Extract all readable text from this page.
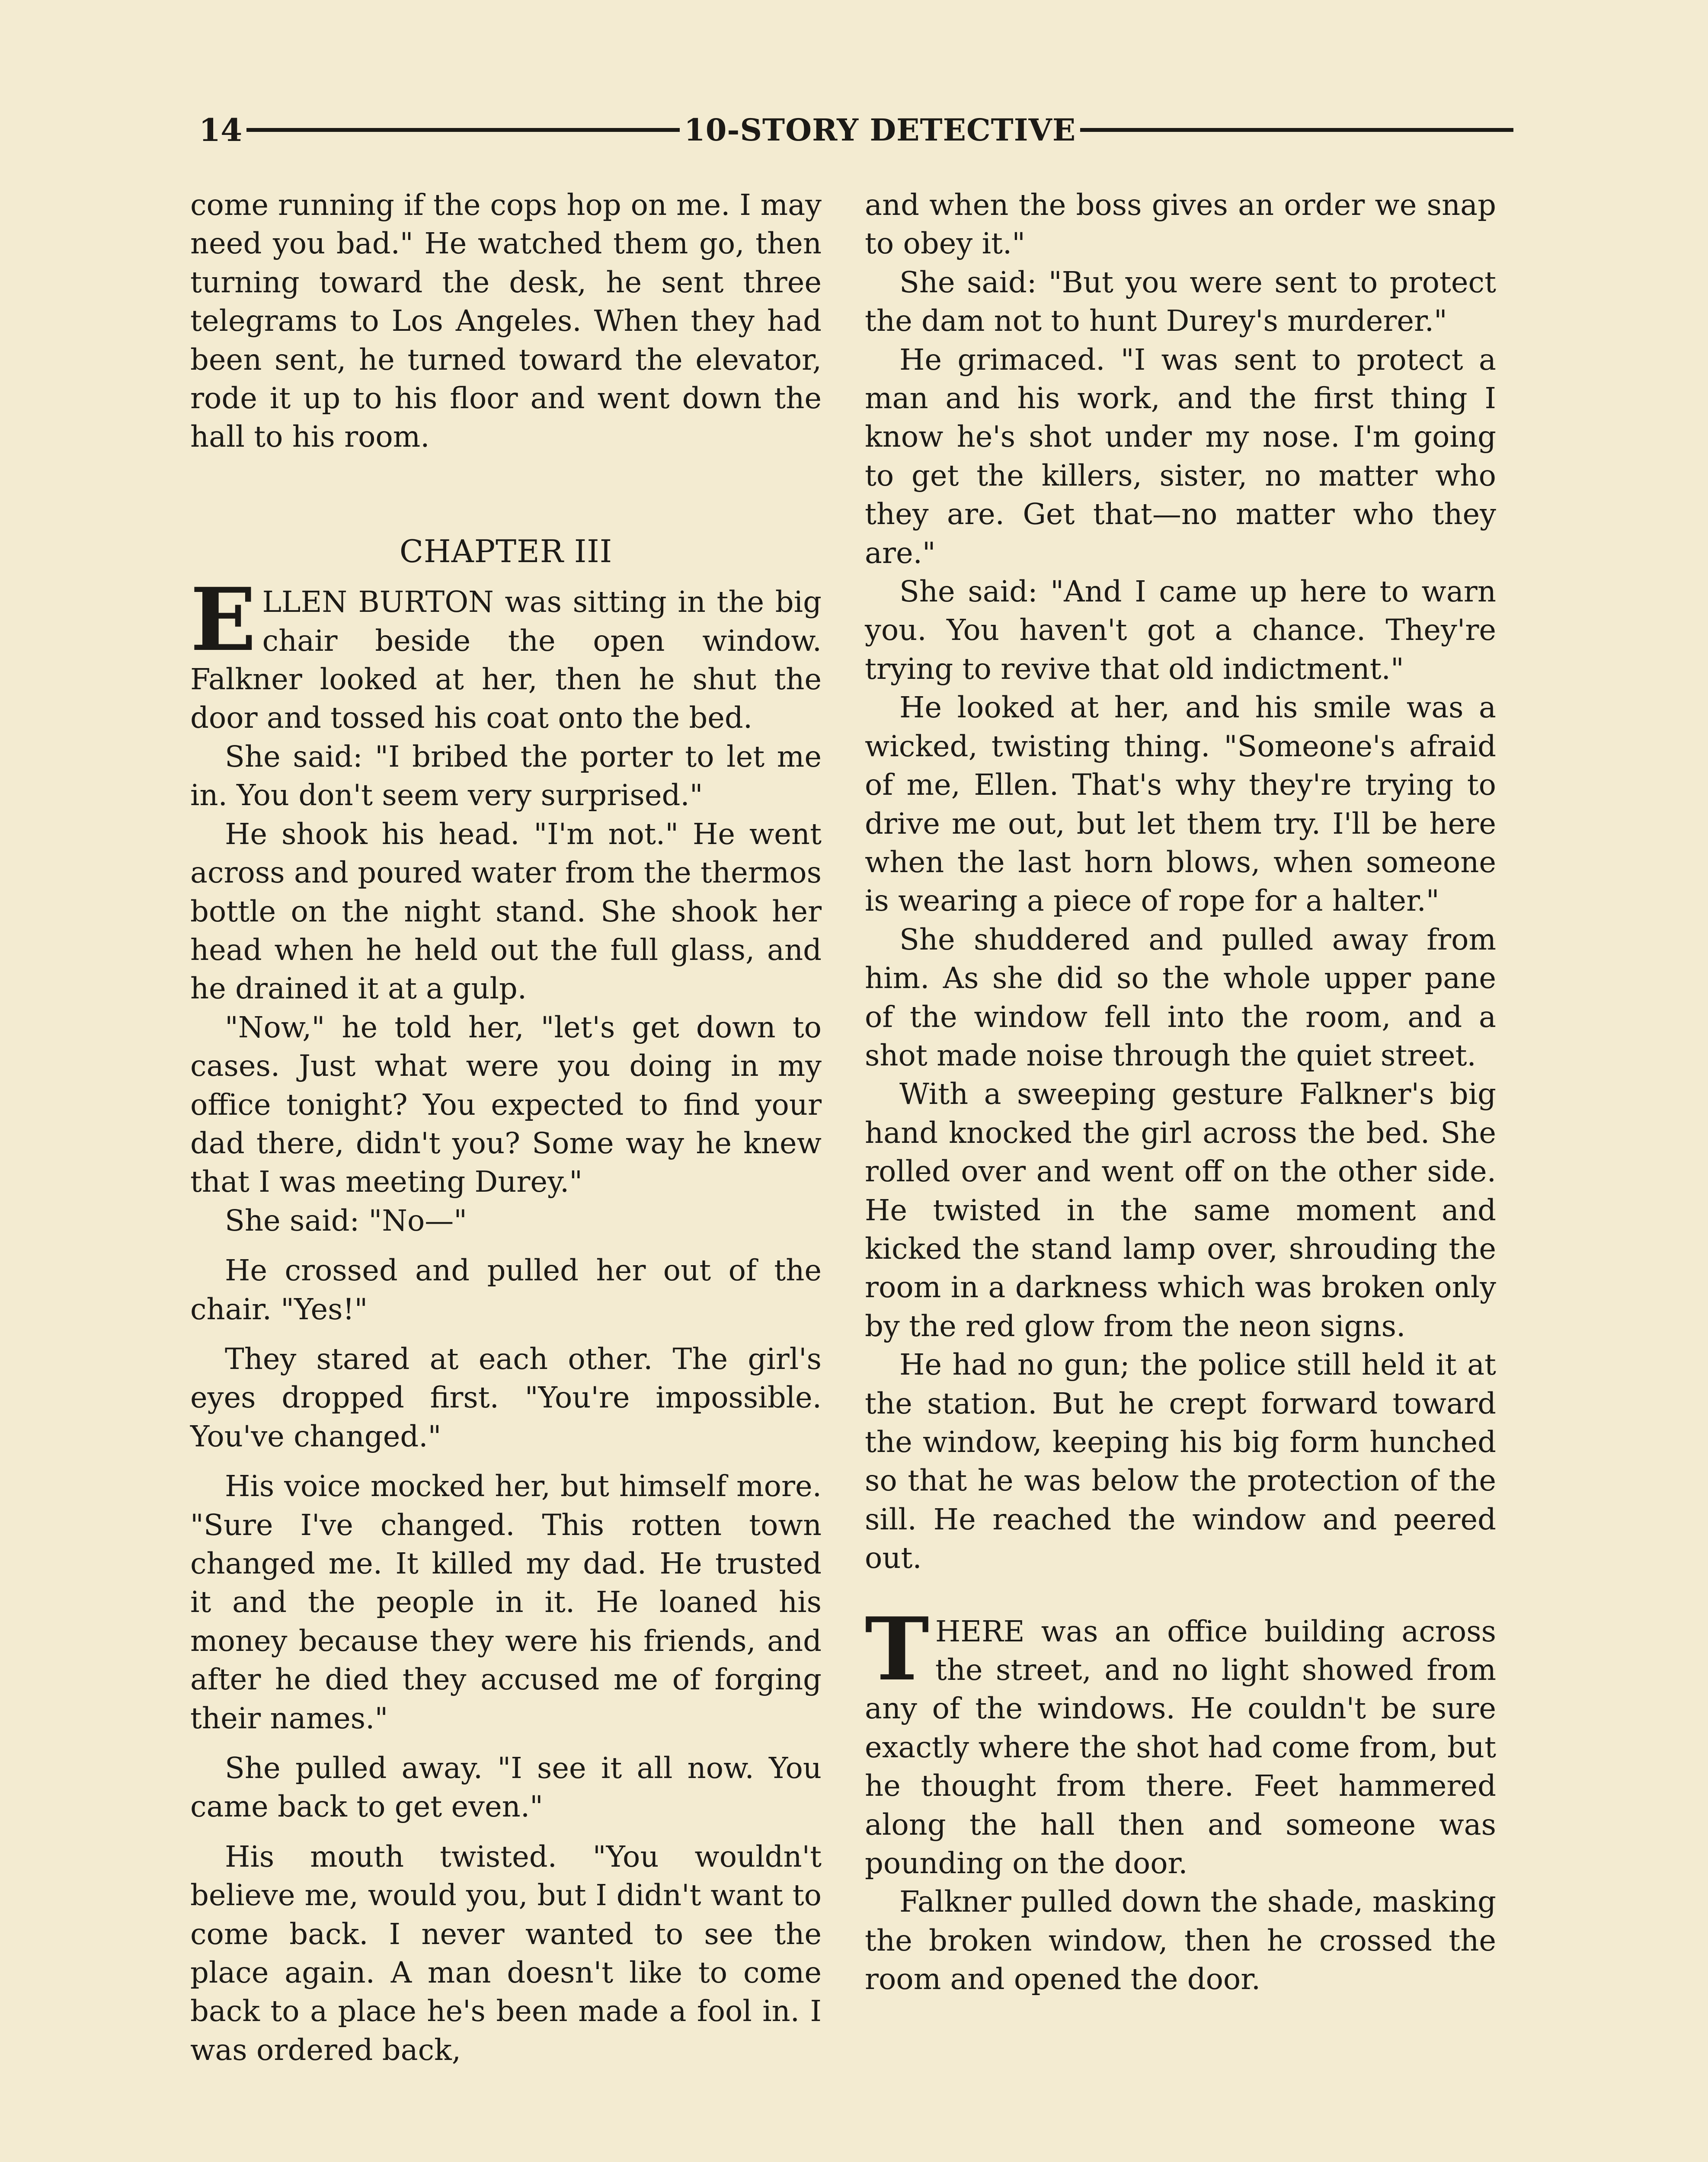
14	10-STORY DETECTIVE

come running if the cops hop on me. I may need you bad." He watched them go, then turning toward the desk, he sent three telegrams to Los Angeles. When they had been sent, he turned toward the elevator, rode it up to his floor and went down the hall to his room.

CHAPTER III

ELLEN BURTON was sitting in the big chair beside the open window. Falkner looked at her, then he shut the door and tossed his coat onto the bed.

She said: "I bribed the porter to let me in. You don't seem very surprised."

He shook his head. "I'm not." He went across and poured water from the thermos bottle on the night stand. She shook her head when he held out the full glass, and he drained it at a gulp.

"Now," he told her, "let's get down to cases. Just what were you doing in my office tonight? You expected to find your dad there, didn't you? Some way he knew that I was meeting Durey."

She said: "No—"

He crossed and pulled her out of the chair. "Yes!"

They stared at each other. The girl's eyes dropped first. "You're impossible. You've changed."

His voice mocked her, but himself more. "Sure I've changed. This rotten town changed me. It killed my dad. He trusted it and the people in it. He loaned his money because they were his friends, and after he died they accused me of forging their names."

She pulled away. "I see it all now. You came back to get even."

His mouth twisted. "You wouldn't believe me, would you, but I didn't want to come back. I never wanted to see the place again. A man doesn't like to come back to a place he's been made a fool in. I was ordered back,

and when the boss gives an order we snap to obey it."

She said: "But you were sent to protect the dam not to hunt Durey's murderer."

He grimaced. "I was sent to protect a man and his work, and the first thing I know he's shot under my nose. I'm going to get the killers, sister, no matter who they are. Get that—no matter who they are."

She said: "And I came up here to warn you. You haven't got a chance. They're trying to revive that old indictment."

He looked at her, and his smile was a wicked, twisting thing. "Someone's afraid of me, Ellen. That's why they're trying to drive me out, but let them try. I'll be here when the last horn blows, when someone is wearing a piece of rope for a halter."

She shuddered and pulled away from him. As she did so the whole upper pane of the window fell into the room, and a shot made noise through the quiet street.

With a sweeping gesture Falkner's big hand knocked the girl across the bed. She rolled over and went off on the other side. He twisted in the same moment and kicked the stand lamp over, shrouding the room in a darkness which was broken only by the red glow from the neon signs.

He had no gun; the police still held it at the station. But he crept forward toward the window, keeping his big form hunched so that he was below the protection of the sill. He reached the window and peered out.

THERE was an office building across the street, and no light showed from any of the windows. He couldn't be sure exactly where the shot had come from, but he thought from there. Feet hammered along the hall then and someone was pounding on the door.

Falkner pulled down the shade, masking the broken window, then he crossed the room and opened the door.
